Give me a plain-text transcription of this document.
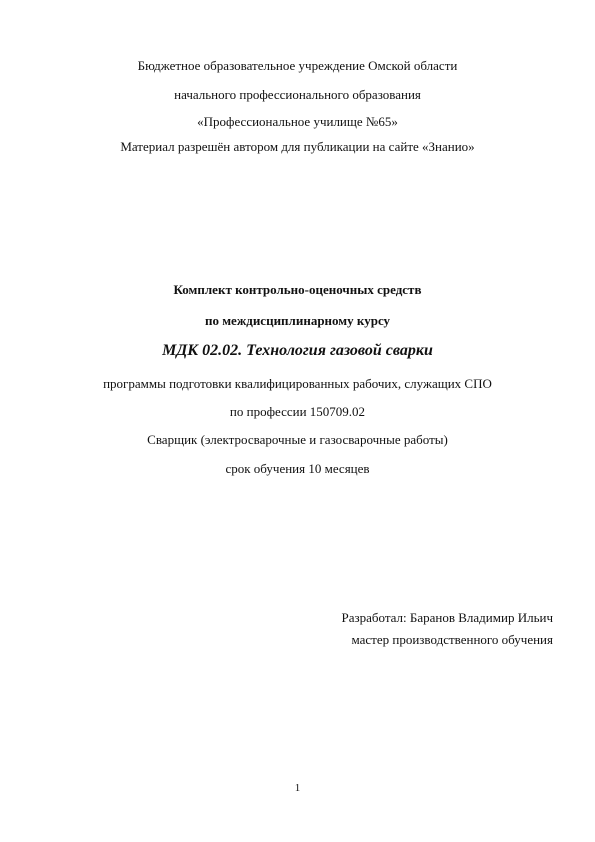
Бюджетное образовательное учреждение Омской области
начального профессионального образования
«Профессиональное училище №65»
Материал разрешён автором для публикации на сайте «Знанио»
Комплект контрольно-оценочных средств
по междисциплинарному курсу
МДК 02.02. Технология газовой сварки
программы подготовки квалифицированных рабочих, служащих СПО
по профессии 150709.02
Сварщик (электросварочные и газосварочные работы)
срок обучения 10 месяцев
Разработал: Баранов Владимир Ильич
мастер производственного обучения
1
